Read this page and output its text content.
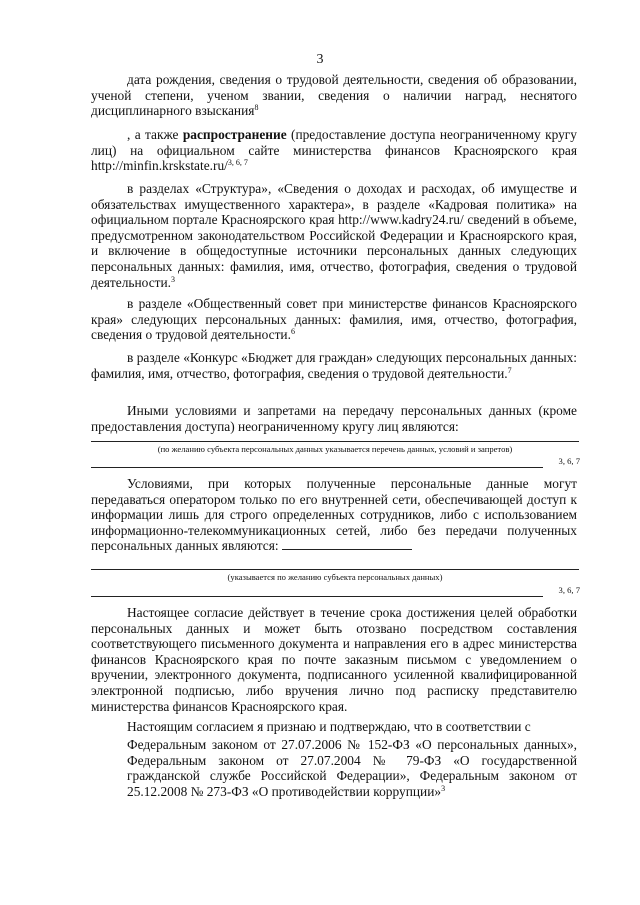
3

дата рождения, сведения о трудовой деятельности, сведения об образовании, ученой степени, ученом звании, сведения о наличии наград, неснятого дисциплинарного взыскания$^8$

, а также распространение (предоставление доступа неограниченному кругу лиц) на официальном сайте министерства финансов Красноярского края http://minfin.krskstate.ru/$^{3, 6, 7}$

в разделах «Структура», «Сведения о доходах и расходах, об имуществе и обязательствах имущественного характера», в разделе «Кадровая политика» на официальном портале Красноярского края http://www.kadry24.ru/ сведений в объеме, предусмотренном законодательством Российской Федерации и Красноярского края, и включение в общедоступные источники персональных данных следующих персональных данных: фамилия, имя, отчество, фотография, сведения о трудовой деятельности.$^3$

в разделе «Общественный совет при министерстве финансов Красноярского края» следующих персональных данных: фамилия, имя, отчество, фотография, сведения о трудовой деятельности.$^6$

в разделе «Конкурс «Бюджет для граждан» следующих персональных данных: фамилия, имя, отчество, фотография, сведения о трудовой деятельности.$^7$

Иными условиями и запретами на передачу персональных данных (кроме предоставления доступа) неограниченному кругу лиц являются:

(по желанию субъекта персональных данных указывается перечень данных, условий и запретов)
3, 6, 7

Условиями, при которых полученные персональные данные могут передаваться оператором только по его внутренней сети, обеспечивающей доступ к информации лишь для строго определенных сотрудников, либо с использованием информационно-телекоммуникационных сетей, либо без передачи полученных персональных данных являются:

(указывается по желанию субъекта персональных данных)
3, 6, 7

Настоящее согласие действует в течение срока достижения целей обработки персональных данных и может быть отозвано посредством составления соответствующего письменного документа и направления его в адрес министерства финансов Красноярского края по почте заказным письмом с уведомлением о вручении, электронного документа, подписанного усиленной квалифицированной электронной подписью, либо вручения лично под расписку представителю министерства финансов Красноярского края.

Настоящим согласием я признаю и подтверждаю, что в соответствии с

Федеральным законом от 27.07.2006 № 152-ФЗ «О персональных данных», Федеральным законом от 27.07.2004 № 79-ФЗ «О государственной гражданской службе Российской Федерации», Федеральным законом от 25.12.2008 № 273-ФЗ «О противодействии коррупции»$^3$
